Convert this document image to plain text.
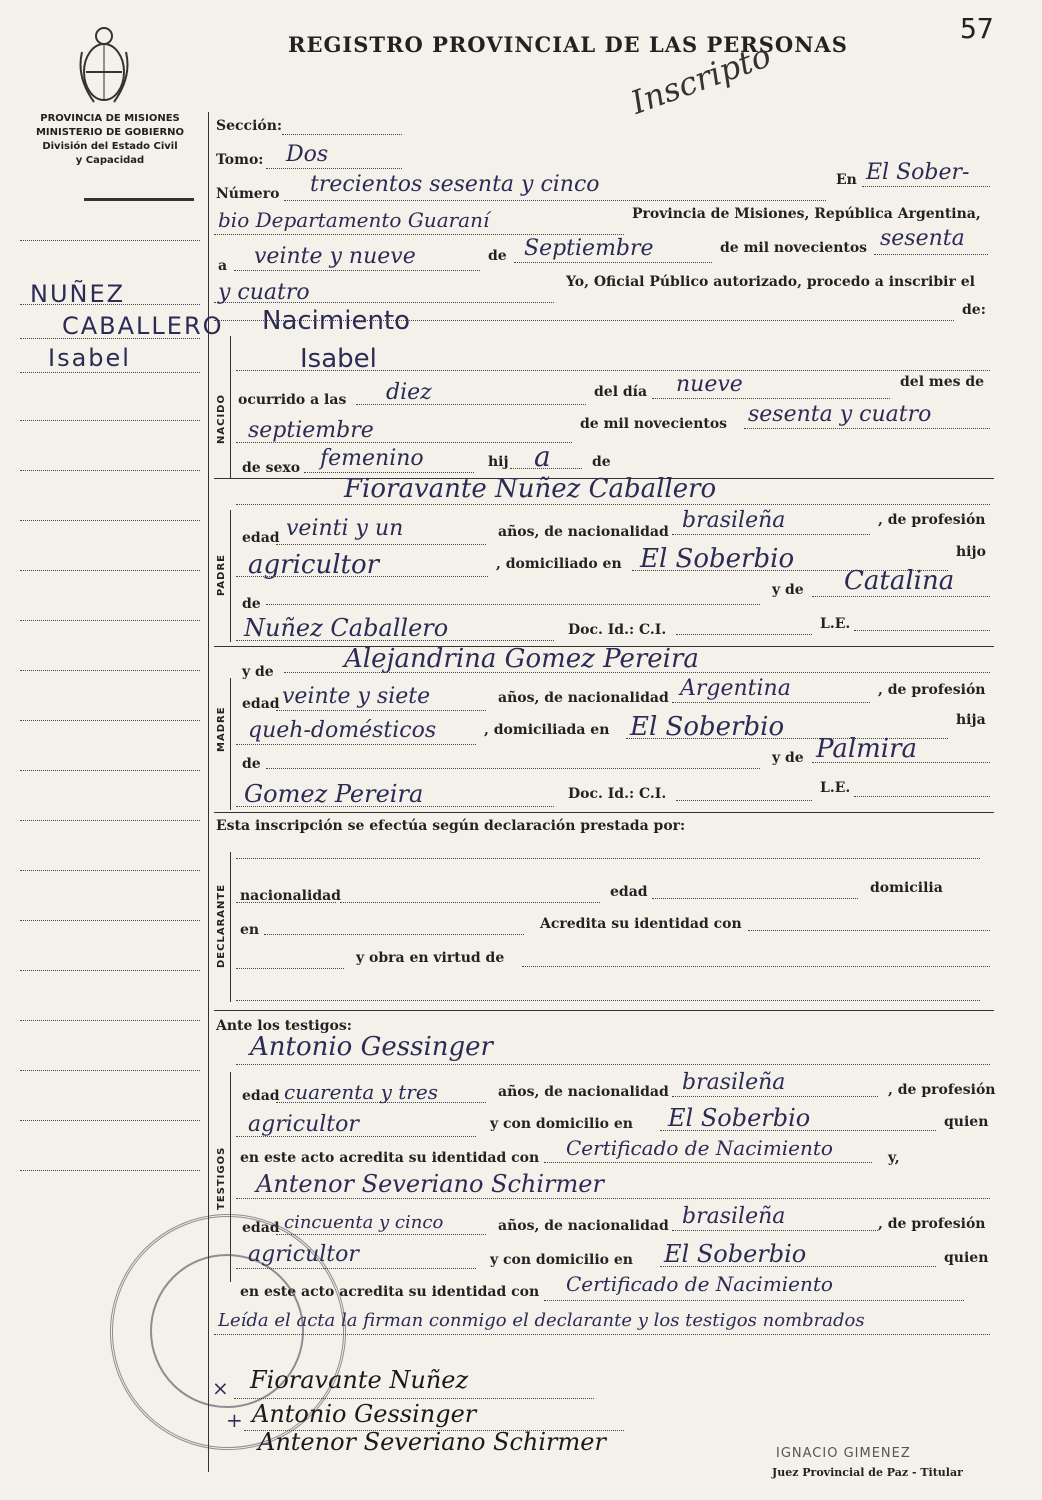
REGISTRO PROVINCIAL DE LAS PERSONAS	57
Inscripto
PROVINCIA DE MISIONES
MINISTERIO DE GOBIERNO
División del Estado Civil
y Capacidad
NUÑEZ
CABALLERO
Isabel
Sección:
Tomo: Dos
Número trecientos sesenta y cinco	En El Sober-
bio Departamento Guaraní	Provincia de Misiones, República Argentina,
a veinte y nueve	de Septiembre	de mil novecientos sesenta
y cuatro	Yo, Oficial Público autorizado, procedo a inscribir el
Nacimiento	de:
NACIDO
Isabel
ocurrido a las diez	del día nueve	del mes de
septiembre	de mil novecientos sesenta y cuatro
de sexo femenino	hij a	de
Fioravante Nuñez Caballero
PADRE
edad veinti y un	años, de nacionalidad brasileña	, de profesión
agricultor	, domiciliado en El Soberbio	hijo
de
y de Catalina
Nuñez Caballero	Doc. Id.: C.I.	L.E.
y de	Alejandrina Gomez Pereira
MADRE
edad veinte y siete	años, de nacionalidad Argentina	, de profesión
queh-domésticos	, domiciliada en El Soberbio	hija
de	y de Palmira
Gomez Pereira	Doc. Id.: C.I.	L.E.
Esta inscripción se efectúa según declaración prestada por:
DECLARANTE nacionalidad	edad	domicilia
en	Acredita su identidad con
y obra en virtud de
Ante los testigos:
Antonio Gessinger
TESTIGOS
edad cuarenta y tres	años, de nacionalidad brasileña	, de profesión
agricultor	y con domicilio en El Soberbio	quien
en este acto acredita su identidad con Certificado de Nacimiento	y,
Antenor Severiano Schirmer
edad cincuenta y cinco	años, de nacionalidad brasileña	, de profesión
agricultor	y con domicilio en El Soberbio	quien
en este acto acredita su identidad con Certificado de Nacimiento
Leída el acta la firman conmigo el declarante y los testigos nombrados
× Fioravante Nuñez
+ Antonio Gessinger
Antenor Severiano Schirmer	IGNACIO GIMENEZ
Juez Provincial de Paz - Titular
